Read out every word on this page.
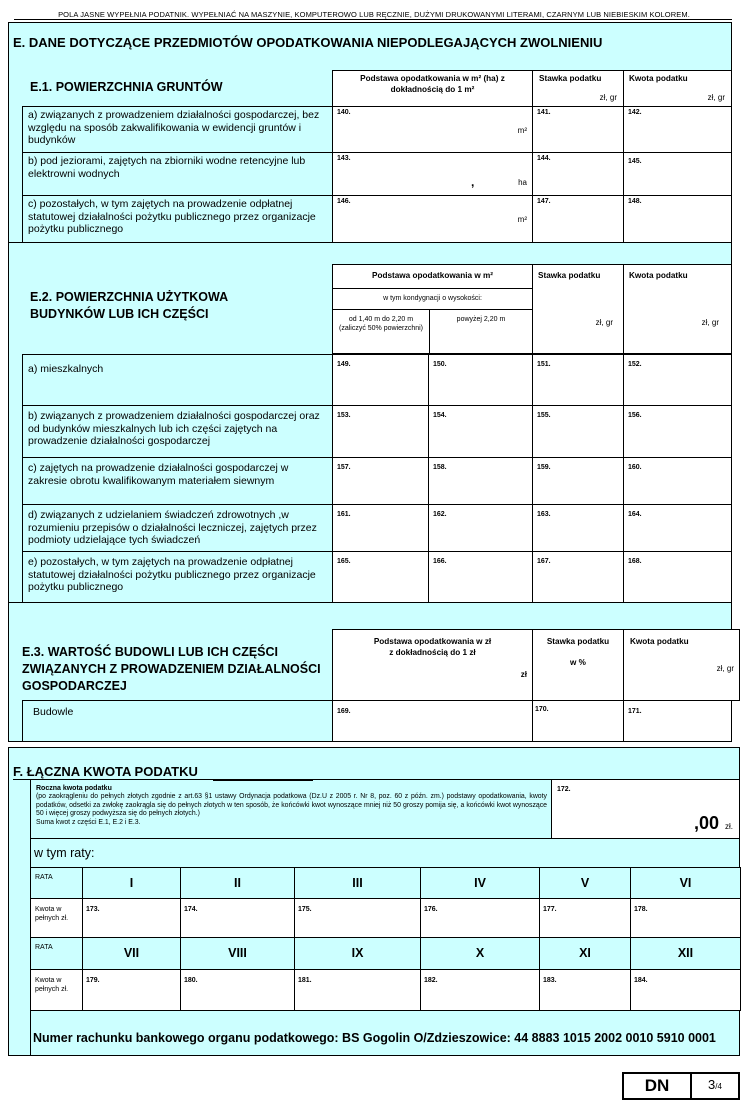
POLA JASNE WYPEŁNIA PODATNIK. WYPEŁNIAĆ NA MASZYNIE, KOMPUTEROWO LUB RĘCZNIE, DUŻYMI DRUKOWANYMI LITERAMI, CZARNYM LUB NIEBIESKIM KOLOREM.
E. DANE DOTYCZĄCE PRZEDMIOTÓW OPODATKOWANIA NIEPODLEGAJĄCYCH ZWOLNIENIU
E.1. POWIERZCHNIA GRUNTÓW
Podstawa opodatkowania w m² (ha) z dokładnością do 1 m²
Stawka podatku
zł, gr
Kwota podatku
zł, gr
a) związanych z prowadzeniem działalności gospodarczej, bez względu na sposób zakwalifikowania w ewidencji gruntów i budynków
140.
m²
141.	142.
b) pod jeziorami, zajętych na zbiorniki wodne retencyjne lub elektrowni wodnych
143.
,	ha
144.	145.
c) pozostałych, w tym zajętych na prowadzenie odpłatnej statutowej działalności pożytku publicznego przez organizacje pożytku publicznego
146.
m²
147.	148.
E.2. POWIERZCHNIA UŻYTKOWA BUDYNKÓW LUB ICH CZĘŚCI
Podstawa opodatkowania w m²
w tym kondygnacji o wysokości:
od 1,40 m do 2,20 m (zaliczyć 50% powierzchni)
powyżej 2,20 m
Stawka podatku
zł, gr
Kwota podatku
zł, gr
a) mieszkalnych	149.	150.	151.	152.
b) związanych z prowadzeniem działalności gospodarczej oraz od budynków mieszkalnych lub ich części zajętych na prowadzenie działalności gospodarczej
153.	154.	155.	156.
c) zajętych na prowadzenie działalności gospodarczej w zakresie obrotu kwalifikowanym materiałem siewnym
157.	158.	159.	160.
d) związanych z udzielaniem świadczeń zdrowotnych ,w rozumieniu przepisów o działalności leczniczej, zajętych przez podmioty udzielające tych świadczeń
161.	162.	163.	164.
e) pozostałych, w tym zajętych na prowadzenie odpłatnej statutowej działalności pożytku publicznego przez organizacje pożytku publicznego
165.	166.	167.	168.
E.3. WARTOŚĆ BUDOWLI LUB ICH CZĘŚCI ZWIĄZANYCH Z PROWADZENIEM DZIAŁALNOŚCI GOSPODARCZEJ
Podstawa opodatkowania w zł z dokładnością do 1 zł
zł
Stawka podatku
w %
Kwota podatku
zł, gr
Budowle	169.	170.	171.
F. ŁĄCZNA KWOTA PODATKU
Roczna kwota podatku
(po zaokrągleniu do pełnych złotych zgodnie z art.63 §1 ustawy Ordynacja podatkowa (Dz.U z 2005 r. Nr 8, poz. 60 z późn. zm.) podstawy opodatkowania, kwoty podatków, odsetki za zwłokę zaokrągla się do pełnych złotych w ten sposób, że końcówki kwot wynoszące mniej niż 50 groszy pomija się, a końcówki kwot wynoszące 50 i więcej groszy podwyższa się do pełnych złotych.)
Suma kwot z części E.1, E.2 i E.3.
172.
,00 zł.
w tym raty:
RATA	I	II	III	IV	V	VI
Kwota w pełnych zł.
173.	174.	175.	176.	177.	178.
RATA	VII	VIII	IX	X	XI	XII
Kwota w pełnych zł.
179.	180.	181.	182.	183.	184.
Numer rachunku bankowego organu podatkowego: BS Gogolin O/Zdzieszowice: 44 8883 1015 2002 0010 5910 0001
DN	3/4
